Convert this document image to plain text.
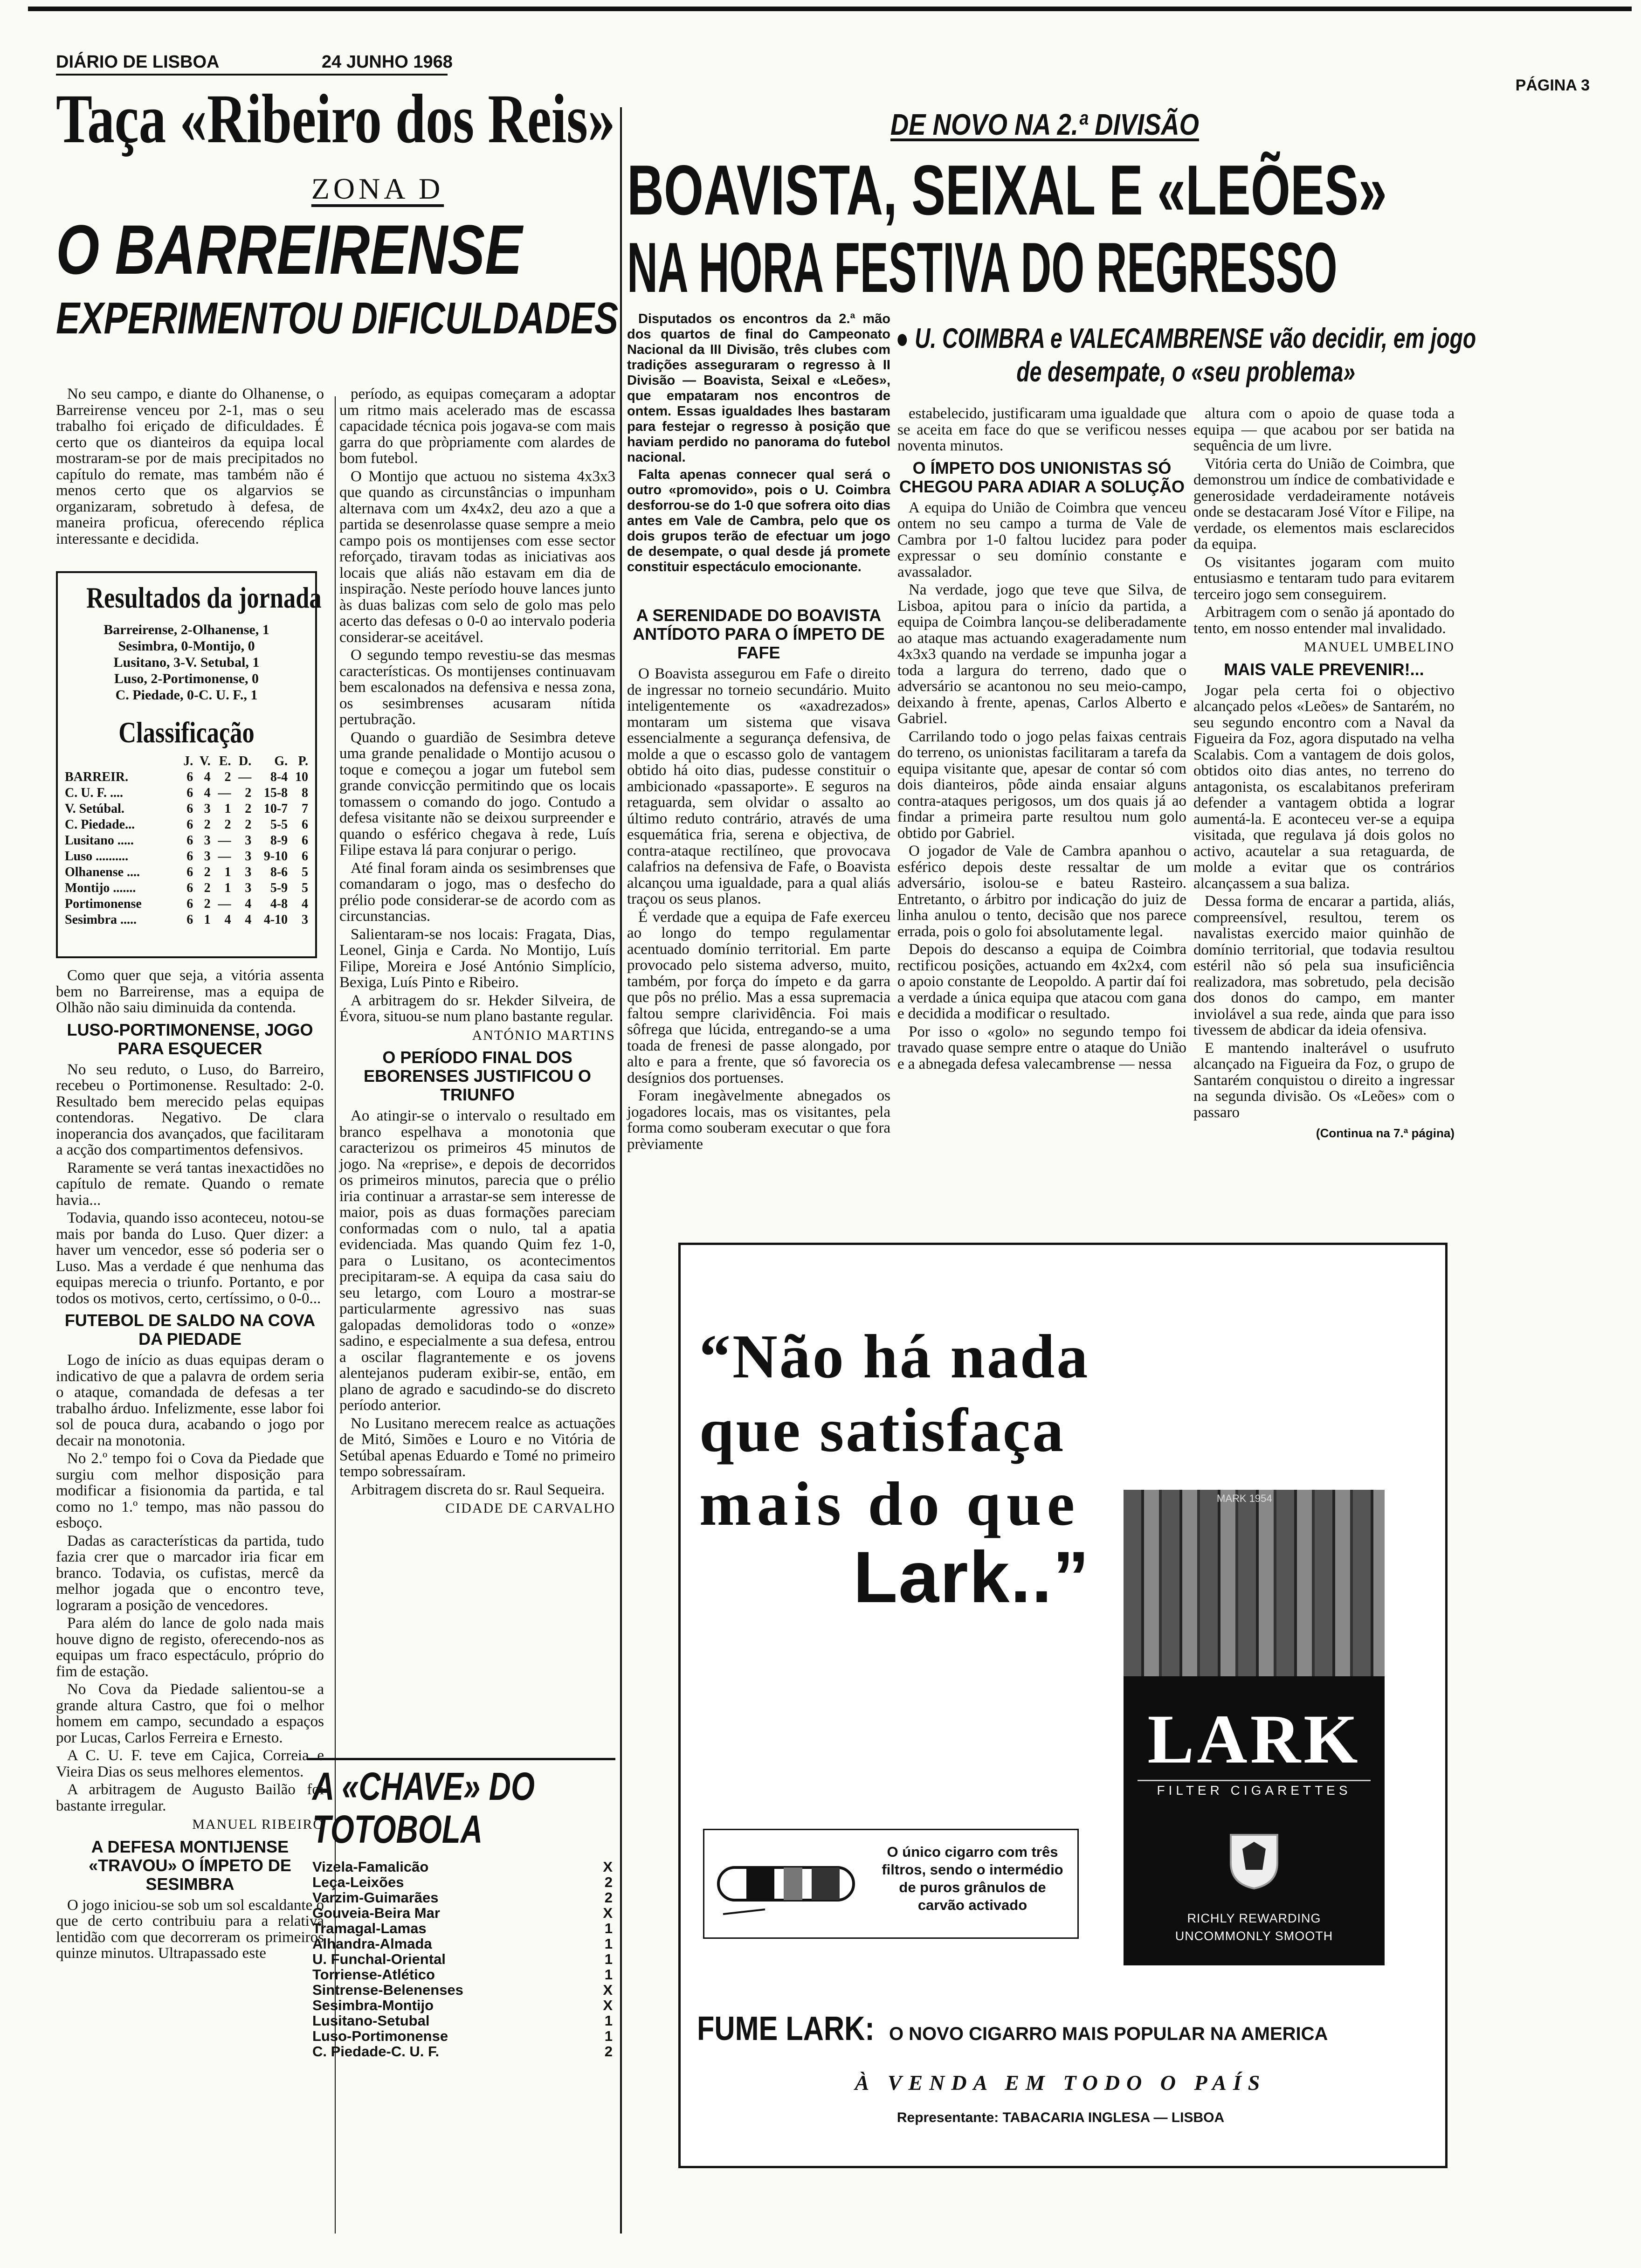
DIÁRIO DE LISBOA	24 JUNHO 1968
PÁGINA 3
Taça «Ribeiro dos Reis»
ZONA D
O BARREIRENSE
EXPERIMENTOU DIFICULDADES

No seu campo, e diante do Olhanense, o Barreirense venceu por 2-1, mas o seu trabalho foi eriçado de dificuldades. É certo que os dianteiros da equipa local mostraram-se por de mais precipitados no capítulo do remate, mas também não é menos certo que os algarvios se organizaram, sobretudo à defesa, de maneira proficua, oferecendo réplica interessante e decidida.

Resultados da jornada
Barreirense, 2-Olhanense, 1
Sesimbra, 0-Montijo, 0
Lusitano, 3-V. Setubal, 1
Luso, 2-Portimonense, 0
C. Piedade, 0-C. U. F., 1
Classificação
	J.	V.	E.	D.	G.	P.
BARREIR.	6	4	2	—	8-4	10
C. U. F. ....	6	4	—	2	15-8	8
V. Setúbal.	6	3	1	2	10-7	7
C. Piedade...	6	2	2	2	5-5	6
Lusitano .....	6	3	—	3	8-9	6
Luso ..........	6	3	—	3	9-10	6
Olhanense ....	6	2	1	3	8-6	5
Montijo .......	6	2	1	3	5-9	5
Portimonense	6	2	—	4	4-8	4
Sesimbra .....	6	1	4	4	4-10	3

Como quer que seja, a vitória assenta bem no Barreirense, mas a equipa de Olhão não saiu diminuida da contenda.

LUSO-PORTIMONENSE, JOGO PARA ESQUECER

No seu reduto, o Luso, do Barreiro, recebeu o Portimonense. Resultado: 2-0. Resultado bem merecido pelas equipas contendoras. Negativo. De clara inoperancia dos avançados, que facilitaram a acção dos compartimentos defensivos.

Raramente se verá tantas inexactidões no capítulo de remate. Quando o remate havia...

Todavia, quando isso aconteceu, notou-se mais por banda do Luso. Quer dizer: a haver um vencedor, esse só poderia ser o Luso. Mas a verdade é que nenhuma das equipas merecia o triunfo. Portanto, e por todos os motivos, certo, certíssimo, o 0-0...

FUTEBOL DE SALDO NA COVA DA PIEDADE

Logo de início as duas equipas deram o indicativo de que a palavra de ordem seria o ataque, comandada de defesas a ter trabalho árduo. Infelizmente, esse labor foi sol de pouca dura, acabando o jogo por decair na monotonia.

No 2.º tempo foi o Cova da Piedade que surgiu com melhor disposição para modificar a fisionomia da partida, e tal como no 1.º tempo, mas não passou do esboço.

Dadas as características da partida, tudo fazia crer que o marcador iria ficar em branco. Todavia, os cufistas, mercê da melhor jogada que o encontro teve, lograram a posição de vencedores.

Para além do lance de golo nada mais houve digno de registo, oferecendo-nos as equipas um fraco espectáculo, próprio do fim de estação.

No Cova da Piedade salientou-se a grande altura Castro, que foi o melhor homem em campo, secundado a espaços por Lucas, Carlos Ferreira e Ernesto.

A C. U. F. teve em Cajica, Correia e Vieira Dias os seus melhores elementos.

A arbitragem de Augusto Bailão foi bastante irregular.

MANUEL RIBEIRO
A DEFESA MONTIJENSE «TRAVOU» O ÍMPETO DE SESIMBRA

O jogo iniciou-se sob um sol escaldante o que de certo contribuiu para a relativa lentidão com que decorreram os primeiros quinze minutos. Ultrapassado este

período, as equipas começaram a adoptar um ritmo mais acelerado mas de escassa capacidade técnica pois jogava-se com mais garra do que pròpriamente com alardes de bom futebol.

O Montijo que actuou no sistema 4x3x3 que quando as circunstâncias o impunham alternava com um 4x4x2, deu azo a que a partida se desenrolasse quase sempre a meio campo pois os montijenses com esse sector reforçado, tiravam todas as iniciativas aos locais que aliás não estavam em dia de inspiração. Neste período houve lances junto às duas balizas com selo de golo mas pelo acerto das defesas o 0-0 ao intervalo poderia considerar-se aceitável.

O segundo tempo revestiu-se das mesmas características. Os montijenses continuavam bem escalonados na defensiva e nessa zona, os sesimbrenses acusaram nítida pertubração.

Quando o guardião de Sesimbra deteve uma grande penalidade o Montijo acusou o toque e começou a jogar um futebol sem grande convicção permitindo que os locais tomassem o comando do jogo. Contudo a defesa visitante não se deixou surpreender e quando o esférico chegava à rede, Luís Filipe estava lá para conjurar o perigo.

Até final foram ainda os sesimbrenses que comandaram o jogo, mas o desfecho do prélio pode considerar-se de acordo com as circunstancias.

Salientaram-se nos locais: Fragata, Dias, Leonel, Ginja e Carda. No Montijo, Luís Filipe, Moreira e José António Simplício, Bexiga, Luís Pinto e Ribeiro.

A arbitragem do sr. Hekder Silveira, de Évora, situou-se num plano bastante regular.

ANTÓNIO MARTINS
O PERÍODO FINAL DOS EBORENSES JUSTIFICOU O TRIUNFO

Ao atingir-se o intervalo o resultado em branco espelhava a monotonia que caracterizou os primeiros 45 minutos de jogo. Na «reprise», e depois de decorridos os primeiros minutos, parecia que o prélio iria continuar a arrastar-se sem interesse de maior, pois as duas formações pareciam conformadas com o nulo, tal a apatia evidenciada. Mas quando Quim fez 1-0, para o Lusitano, os acontecimentos precipitaram-se. A equipa da casa saiu do seu letargo, com Louro a mostrar-se particularmente agressivo nas suas galopadas demolidoras todo o «onze» sadino, e especialmente a sua defesa, entrou a oscilar flagrantemente e os jovens alentejanos puderam exibir-se, então, em plano de agrado e sacudindo-se do discreto período anterior.

No Lusitano merecem realce as actuações de Mitó, Simões e Louro e no Vitória de Setúbal apenas Eduardo e Tomé no primeiro tempo sobressaíram.

Arbitragem discreta do sr. Raul Sequeira.

CIDADE DE CARVALHO
A «CHAVE» DO TOTOBOLA
Vizela-Famalicão	X
Leça-Leixões	2
Varzim-Guimarães	2
Gouveia-Beira Mar	X
Tramagal-Lamas	1
Alhandra-Almada	1
U. Funchal-Oriental	1
Torriense-Atlético	1
Sintrense-Belenenses	X
Sesimbra-Montijo	X
Lusitano-Setubal	1
Luso-Portimonense	1
C. Piedade-C. U. F.	2
DE NOVO NA 2.ª DIVISÃO
BOAVISTA, SEIXAL E «LEÕES»
NA HORA FESTIVA DO REGRESSO

Disputados os encontros da 2.ª mão dos quartos de final do Campeonato Nacional da III Divisão, três clubes com tradições asseguraram o regresso à II Divisão — Boavista, Seixal e «Leões», que empataram nos encontros de ontem. Essas igualdades lhes bastaram para festejar o regresso à posição que haviam perdido no panorama do futebol nacional.

Falta apenas connecer qual será o outro «promovido», pois o U. Coimbra desforrou-se do 1-0 que sofrera oito dias antes em Vale de Cambra, pelo que os dois grupos terão de efectuar um jogo de desempate, o qual desde já promete constituir espectáculo emocionante.

● U. COIMBRA e VALECAMBRENSE vão decidir, em jogo de desempate, o «seu problema»
A SERENIDADE DO BOAVISTA ANTÍDOTO PARA O ÍMPETO DE FAFE

O Boavista assegurou em Fafe o direito de ingressar no torneio secundário. Muito inteligentemente os «axadrezados» montaram um sistema que visava essencialmente a segurança defensiva, de molde a que o escasso golo de vantagem obtido há oito dias, pudesse constituir o ambicionado «passaporte». E seguros na retaguarda, sem olvidar o assalto ao último reduto contrário, através de uma esquemática fria, serena e objectiva, de contra-ataque rectilíneo, que provocava calafrios na defensiva de Fafe, o Boavista alcançou uma igualdade, para a qual aliás traçou os seus planos.

É verdade que a equipa de Fafe exerceu ao longo do tempo regulamentar acentuado domínio territorial. Em parte provocado pelo sistema adverso, muito, também, por força do ímpeto e da garra que pôs no prélio. Mas a essa supremacia faltou sempre clarividência. Foi mais sôfrega que lúcida, entregando-se a uma toada de frenesi de passe alongado, por alto e para a frente, que só favorecia os desígnios dos portuenses.

Foram inegàvelmente abnegados os jogadores locais, mas os visitantes, pela forma como souberam executar o que fora prèviamente

estabelecido, justificaram uma igualdade que se aceita em face do que se verificou nesses noventa minutos.

O ÍMPETO DOS UNIONISTAS SÓ CHEGOU PARA ADIAR A SOLUÇÃO

A equipa do União de Coimbra que venceu ontem no seu campo a turma de Vale de Cambra por 1-0 faltou lucidez para poder expressar o seu domínio constante e avassalador.

Na verdade, jogo que teve que Silva, de Lisboa, apitou para o início da partida, a equipa de Coimbra lançou-se deliberadamente ao ataque mas actuando exageradamente num 4x3x3 quando na verdade se impunha jogar a toda a largura do terreno, dado que o adversário se acantonou no seu meio-campo, deixando à frente, apenas, Carlos Alberto e Gabriel.

Carrilando todo o jogo pelas faixas centrais do terreno, os unionistas facilitaram a tarefa da equipa visitante que, apesar de contar só com dois dianteiros, pôde ainda ensaiar alguns contra-ataques perigosos, um dos quais já ao findar a primeira parte resultou num golo obtido por Gabriel.

O jogador de Vale de Cambra apanhou o esférico depois deste ressaltar de um adversário, isolou-se e bateu Rasteiro. Entretanto, o árbitro por indicação do juiz de linha anulou o tento, decisão que nos parece errada, pois o golo foi absolutamente legal.

Depois do descanso a equipa de Coimbra rectificou posições, actuando em 4x2x4, com o apoio constante de Leopoldo. A partir daí foi a verdade a única equipa que atacou com gana e decidida a modificar o resultado.

Por isso o «golo» no segundo tempo foi travado quase sempre entre o ataque do União e a abnegada defesa valecambrense — nessa

altura com o apoio de quase toda a equipa — que acabou por ser batida na sequência de um livre.

Vitória certa do União de Coimbra, que demonstrou um índice de combatividade e generosidade verdadeiramente notáveis onde se destacaram José Vítor e Filipe, na verdade, os elementos mais esclarecidos da equipa.

Os visitantes jogaram com muito entusiasmo e tentaram tudo para evitarem terceiro jogo sem conseguirem.

Arbitragem com o senão já apontado do tento, em nosso entender mal invalidado.

MANUEL UMBELINO
MAIS VALE PREVENIR!...

Jogar pela certa foi o objectivo alcançado pelos «Leões» de Santarém, no seu segundo encontro com a Naval da Figueira da Foz, agora disputado na velha Scalabis. Com a vantagem de dois golos, obtidos oito dias antes, no terreno do antagonista, os escalabitanos preferiram defender a vantagem obtida a lograr aumentá-la. E aconteceu ver-se a equipa visitada, que regulava já dois golos no activo, acautelar a sua retaguarda, de molde a evitar que os contrários alcançassem a sua baliza.

Dessa forma de encarar a partida, aliás, compreensível, resultou, terem os navalistas exercido maior quinhão de domínio territorial, que todavia resultou estéril não só pela sua insuficiência realizadora, mas sobretudo, pela decisão dos donos do campo, em manter inviolável a sua rede, ainda que para isso tivessem de abdicar da ideia ofensiva.

E mantendo inalterável o usufruto alcançado na Figueira da Foz, o grupo de Santarém conquistou o direito a ingressar na segunda divisão. Os «Leões» com o passaro

(Continua na 7.ª página)
“Não há nada
que satisfaça
mais do que
Lark..”
MARK 1954
LARK
FILTER CIGARETTES
RICHLY REWARDING
UNCOMMONLY SMOOTH
O único cigarro com três filtros, sendo o intermédio de puros grânulos de carvão activado
FUME LARK: O NOVO CIGARRO MAIS POPULAR NA AMERICA
À VENDA EM TODO O PAÍS
Representante: TABACARIA INGLESA — LISBOA
